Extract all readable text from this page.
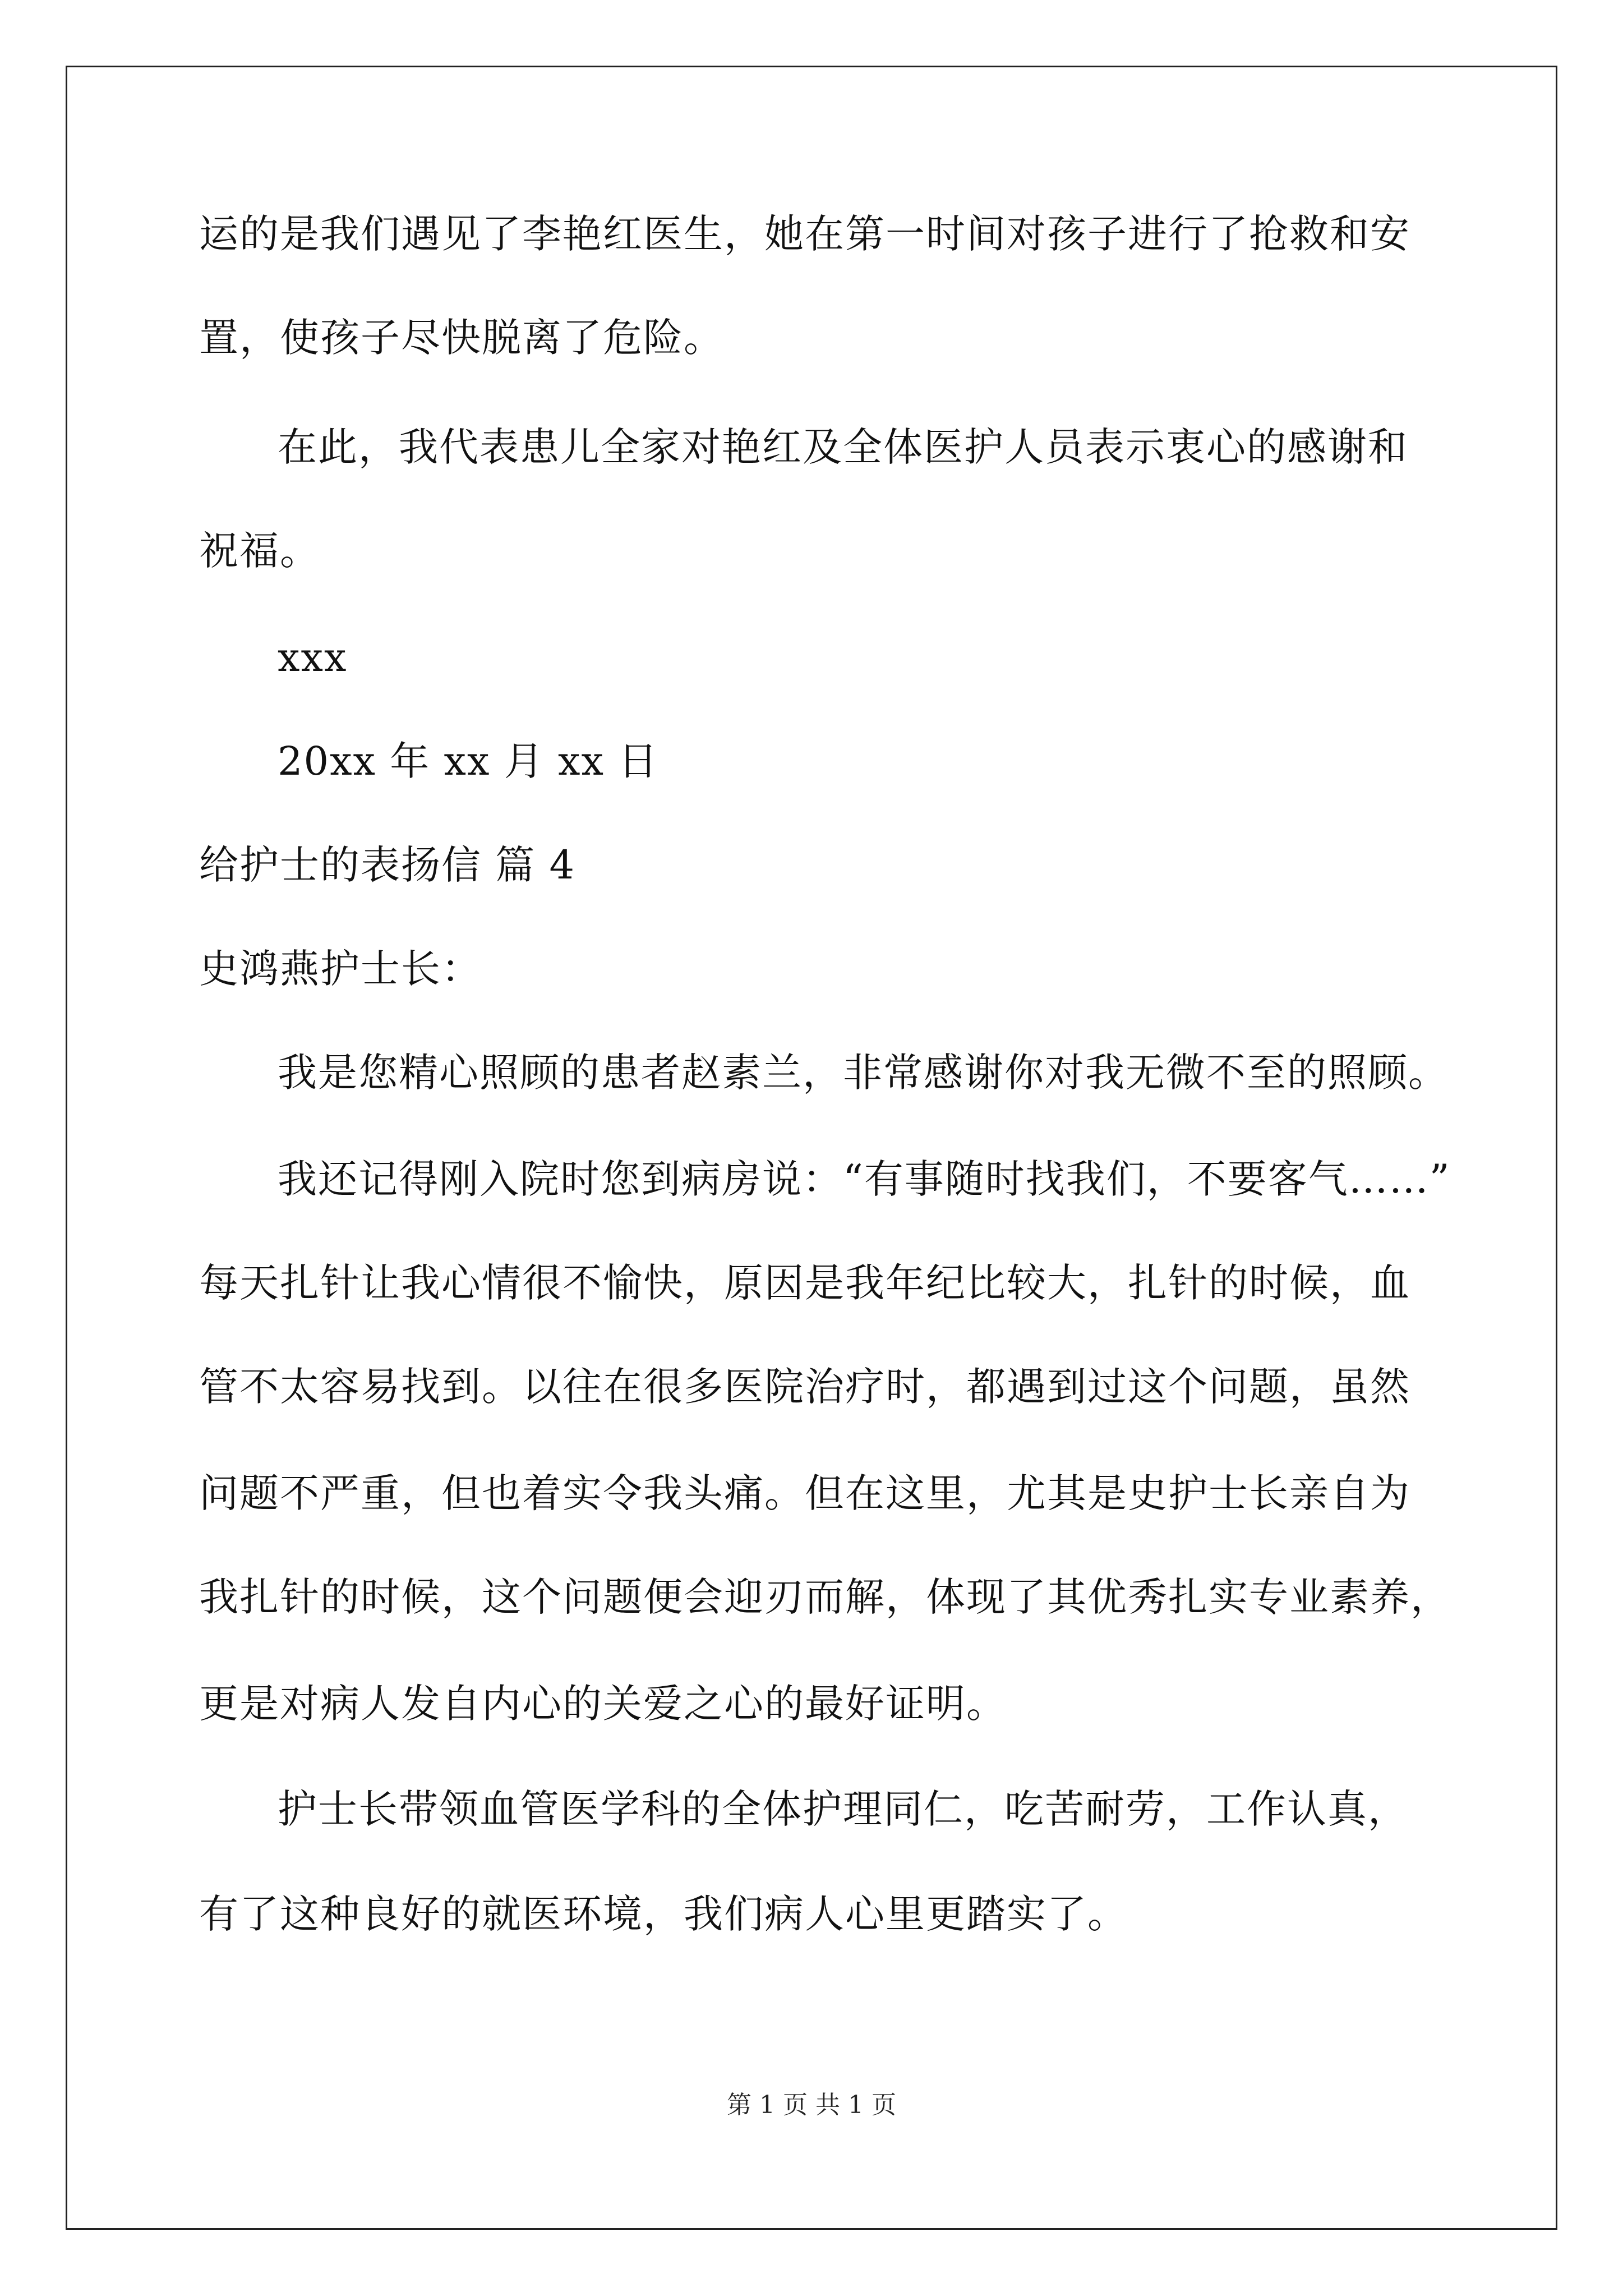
运的是我们遇见了李艳红医生，她在第一时间对孩子进行了抢救和安
置，使孩子尽快脱离了危险。
在此，我代表患儿全家对艳红及全体医护人员表示衷心的感谢和
祝福。
xxx
20xx 年 xx 月 xx 日
给护士的表扬信 篇 4
史鸿燕护士长：
我是您精心照顾的患者赵素兰，非常感谢你对我无微不至的照顾。
我还记得刚入院时您到病房说：“有事随时找我们，不要客气……”
每天扎针让我心情很不愉快，原因是我年纪比较大，扎针的时候，血
管不太容易找到。以往在很多医院治疗时，都遇到过这个问题，虽然
问题不严重，但也着实令我头痛。但在这里，尤其是史护士长亲自为
我扎针的时候，这个问题便会迎刃而解，体现了其优秀扎实专业素养，
更是对病人发自内心的关爱之心的最好证明。
护士长带领血管医学科的全体护理同仁，吃苦耐劳，工作认真，
有了这种良好的就医环境，我们病人心里更踏实了。
第 1 页 共 1 页
